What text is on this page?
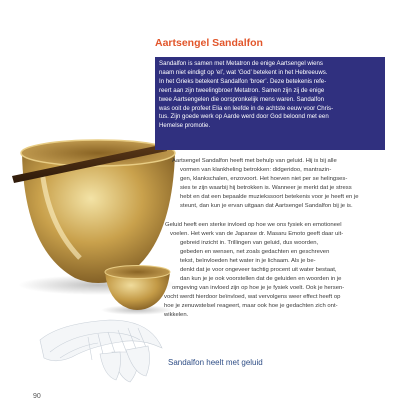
Aartsengel Sandalfon
Sandalfon is samen met Metatron de enige Aartsengel wiens
naam niet eindigt op ‘el’, wat ‘God’ betekent in het Hebreeuws.
In het Grieks betekent Sandalfon ‘broer’. Deze betekenis refe-
reert aan zijn tweelingbroer Metatron. Samen zijn zij de enige
twee Aartsengelen die oorspronkelijk mens waren. Sandalfon
was ooit de profeet Elia en leefde in de achtste eeuw voor Chris-
tus. Zijn goede werk op Aarde werd door God beloond met een
Hemelse promotie.
Aartsengel Sandalfon heeft met behulp van geluid. Hij is bij alle
vormen van klankheling betrokken: didgeridoo, mantrazin-
gen, klankschalen, enzovoort. Het hoeven niet per se helingses-
sies te zijn waarbij hij betrokken is. Wanneer je merkt dat je stress
hebt en dat een bepaalde muziekssoort betekenis voor je heeft en je
steunt, dan kun je ervan uitgaan dat Aartsengel Sandalfon bij je is.
Geluid heeft een sterke invloed op hoe we ons fysiek en emotioneel
voelen. Het werk van de Japanse dr. Masaru Emoto geeft daar uit-
gebreid inzicht in. Trillingen van geluid, dus woorden,
gebeden en wensen, net zoals gedachten en geschreven
tekst, beïnvloeden het water in je lichaam. Als je be-
denkt dat je voor ongeveer tachtig procent uit water bestaat,
dan kun je je ook voorstellen dat de geluiden en woorden in je
omgeving van invloed zijn op hoe je je fysiek voelt. Ook je hersen-
vocht werdt hierdoor beïnvloed, wat vervolgens weer effect heeft op
hoe je zenuwstelsel reageert, maar ook hoe je gedachten zich ont-
wikkelen.
Sandalfon heelt met geluid
90
